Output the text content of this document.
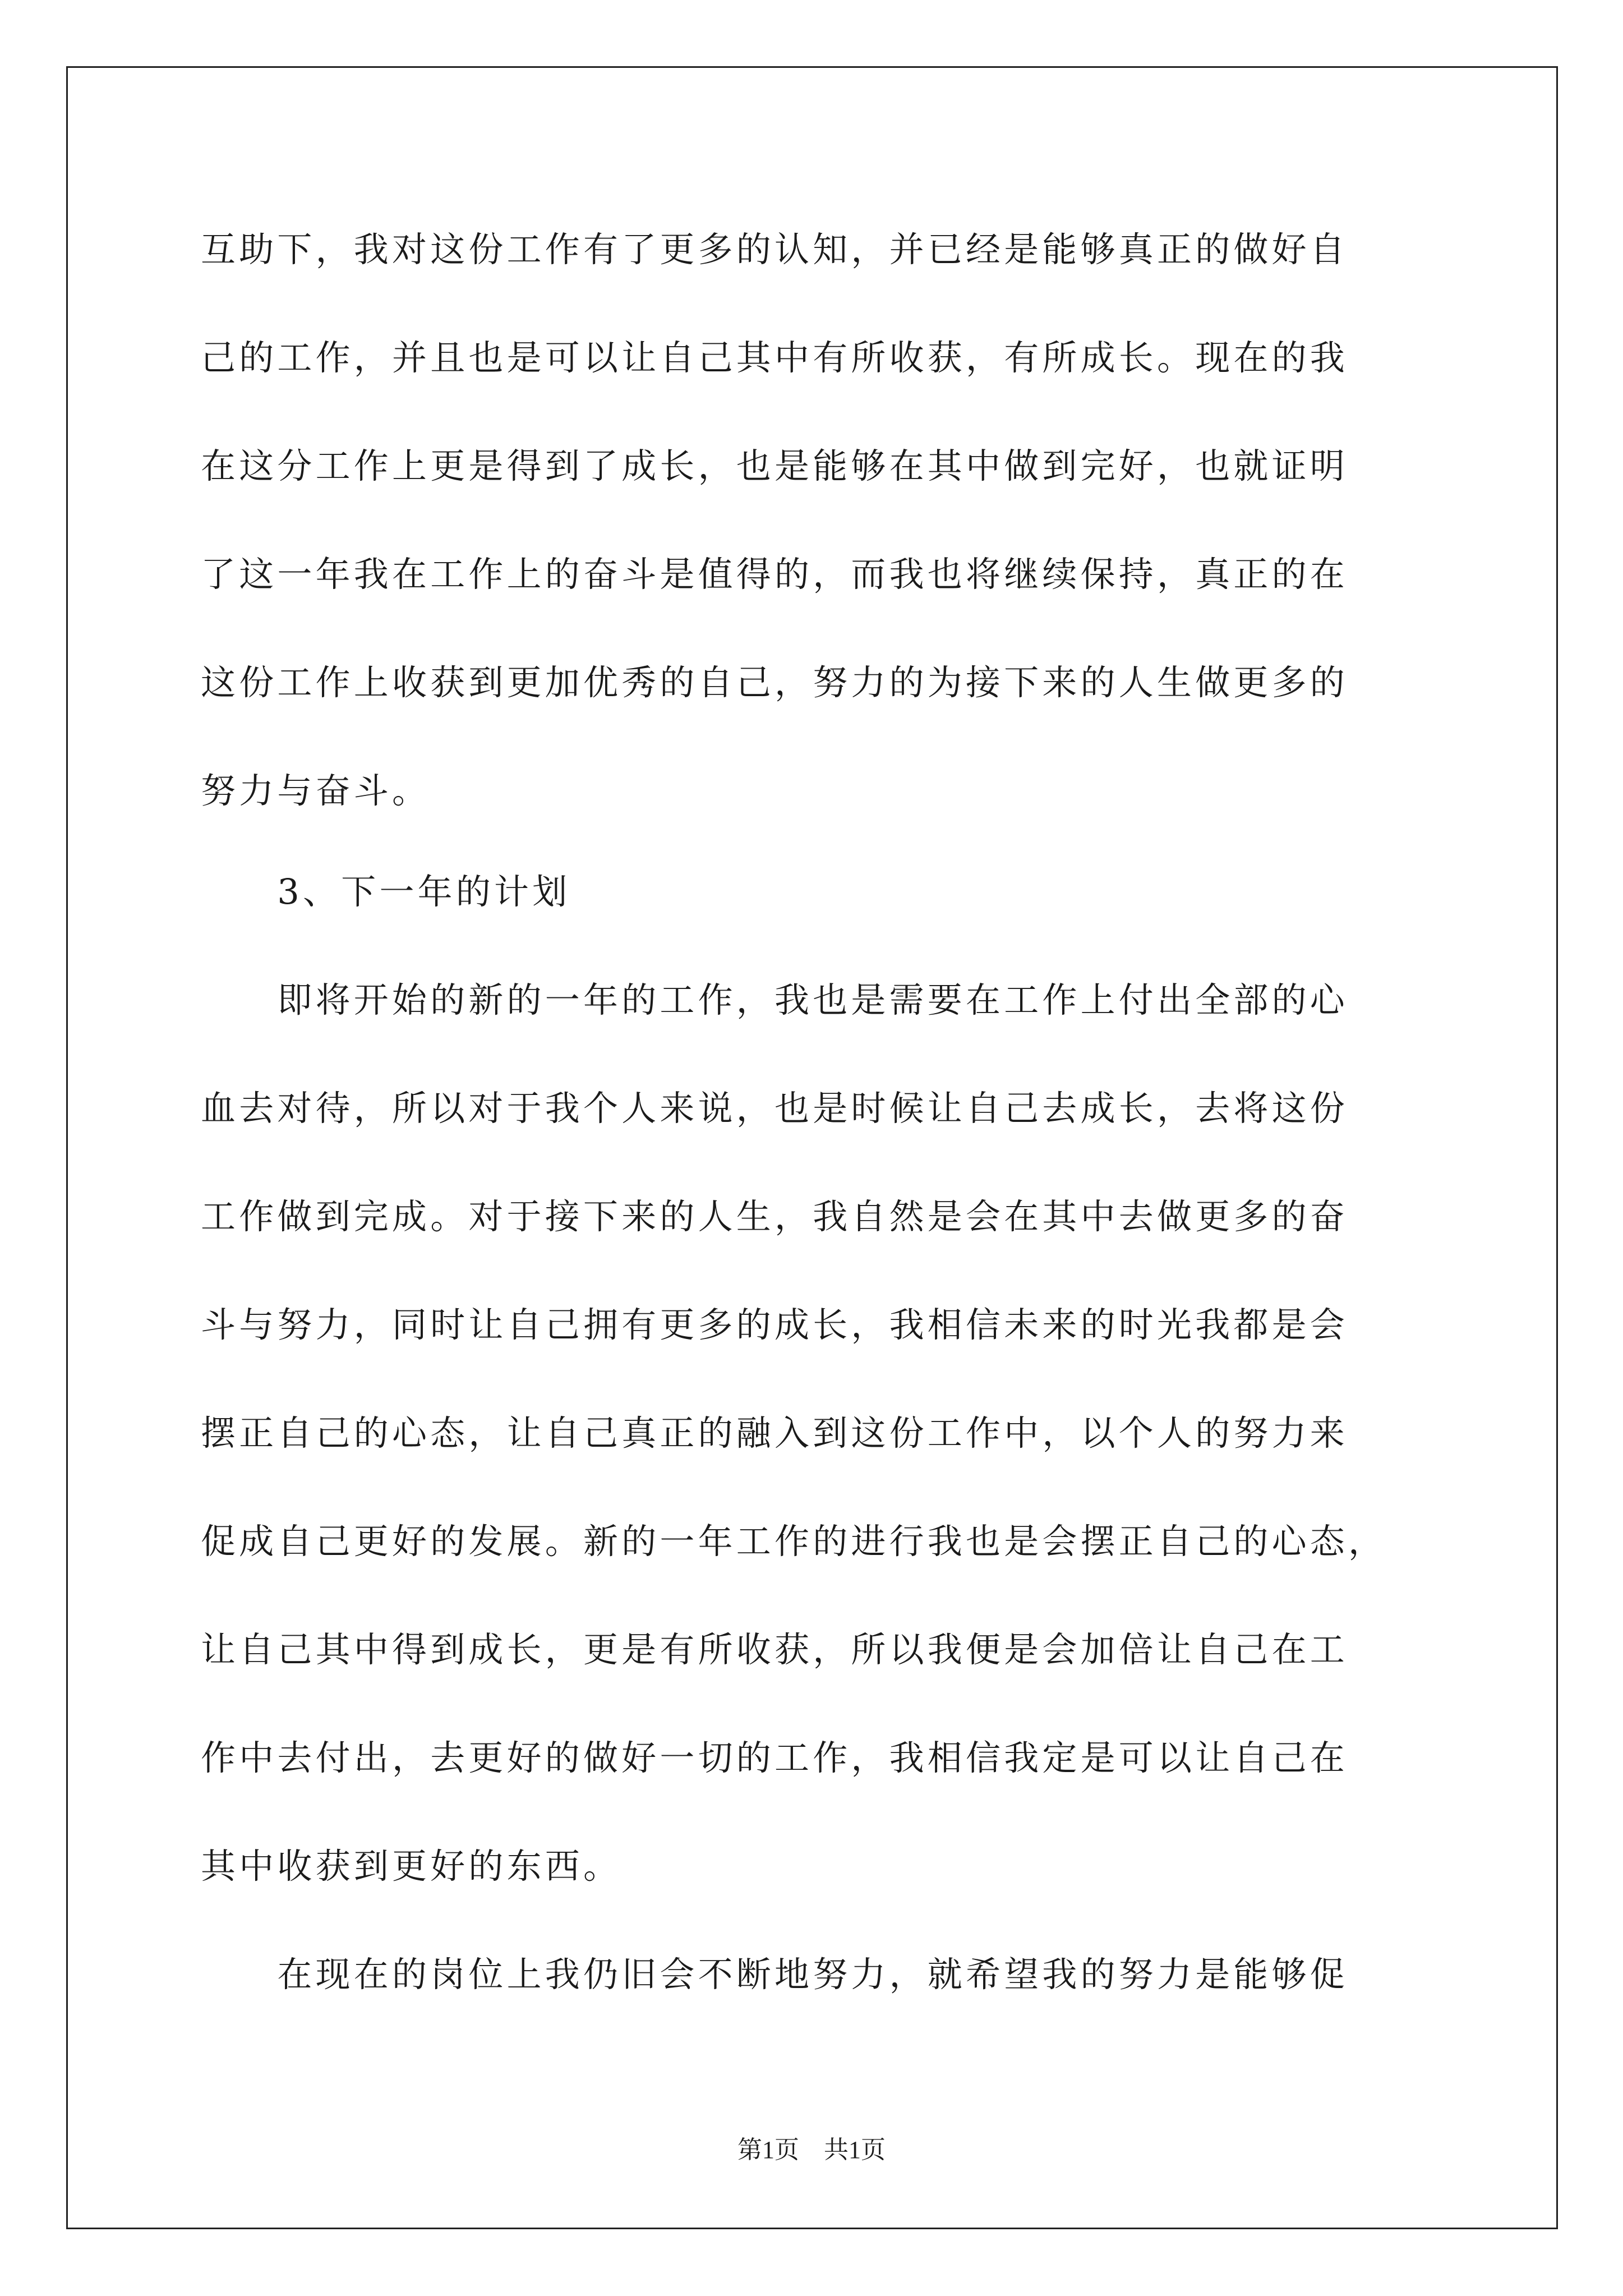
互助下，我对这份工作有了更多的认知，并已经是能够真正的做好自
己的工作，并且也是可以让自己其中有所收获，有所成长。现在的我
在这分工作上更是得到了成长，也是能够在其中做到完好，也就证明
了这一年我在工作上的奋斗是值得的，而我也将继续保持，真正的在
这份工作上收获到更加优秀的自己，努力的为接下来的人生做更多的
努力与奋斗。
　　3、下一年的计划
　　即将开始的新的一年的工作，我也是需要在工作上付出全部的心
血去对待，所以对于我个人来说，也是时候让自己去成长，去将这份
工作做到完成。对于接下来的人生，我自然是会在其中去做更多的奋
斗与努力，同时让自己拥有更多的成长，我相信未来的时光我都是会
摆正自己的心态，让自己真正的融入到这份工作中，以个人的努力来
促成自己更好的发展。新的一年工作的进行我也是会摆正自己的心态，
让自己其中得到成长，更是有所收获，所以我便是会加倍让自己在工
作中去付出，去更好的做好一切的工作，我相信我定是可以让自己在
其中收获到更好的东西。
　　在现在的岗位上我仍旧会不断地努力，就希望我的努力是能够促
第1页　共1页
